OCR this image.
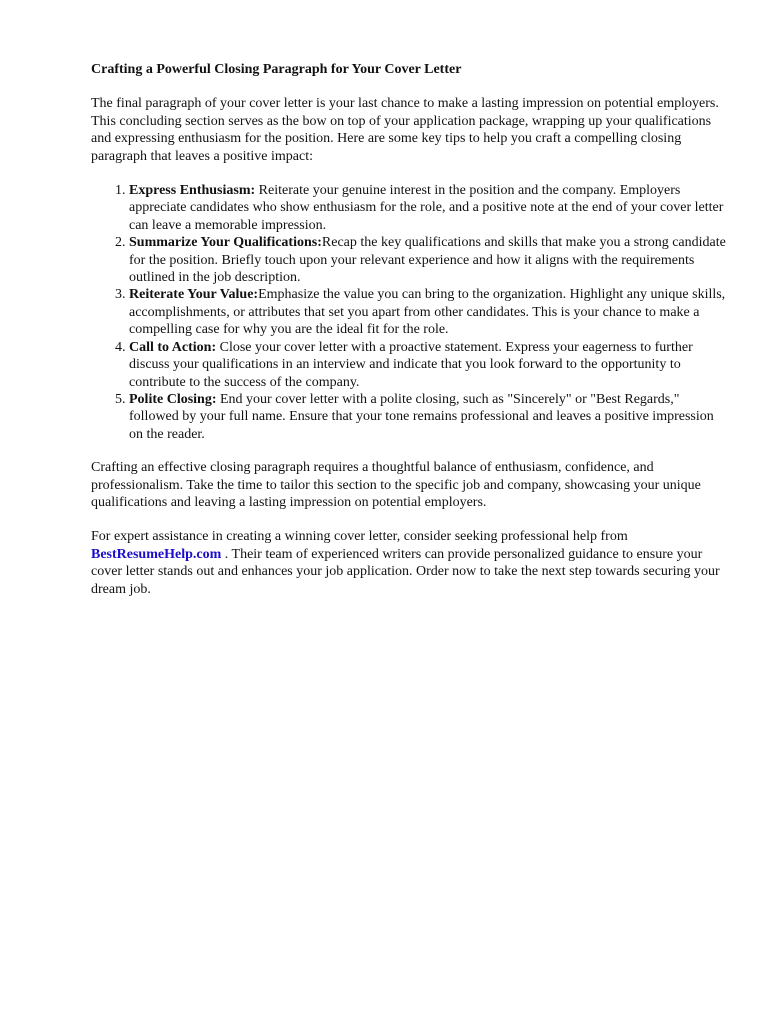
Crafting a Powerful Closing Paragraph for Your Cover Letter

The final paragraph of your cover letter is your last chance to make a lasting impression on potential employers. This concluding section serves as the bow on top of your application package, wrapping up your qualifications and expressing enthusiasm for the position. Here are some key tips to help you craft a compelling closing paragraph that leaves a positive impact:

1. Express Enthusiasm: Reiterate your genuine interest in the position and the company. Employers appreciate candidates who show enthusiasm for the role, and a positive note at the end of your cover letter can leave a memorable impression.
2. Summarize Your Qualifications:Recap the key qualifications and skills that make you a strong candidate for the position. Briefly touch upon your relevant experience and how it aligns with the requirements outlined in the job description.
3. Reiterate Your Value:Emphasize the value you can bring to the organization. Highlight any unique skills, accomplishments, or attributes that set you apart from other candidates. This is your chance to make a compelling case for why you are the ideal fit for the role.
4. Call to Action: Close your cover letter with a proactive statement. Express your eagerness to further discuss your qualifications in an interview and indicate that you look forward to the opportunity to contribute to the success of the company.
5. Polite Closing: End your cover letter with a polite closing, such as "Sincerely" or "Best Regards," followed by your full name. Ensure that your tone remains professional and leaves a positive impression on the reader.

Crafting an effective closing paragraph requires a thoughtful balance of enthusiasm, confidence, and professionalism. Take the time to tailor this section to the specific job and company, showcasing your unique qualifications and leaving a lasting impression on potential employers.

For expert assistance in creating a winning cover letter, consider seeking professional help from BestResumeHelp.com . Their team of experienced writers can provide personalized guidance to ensure your cover letter stands out and enhances your job application. Order now to take the next step towards securing your dream job.
